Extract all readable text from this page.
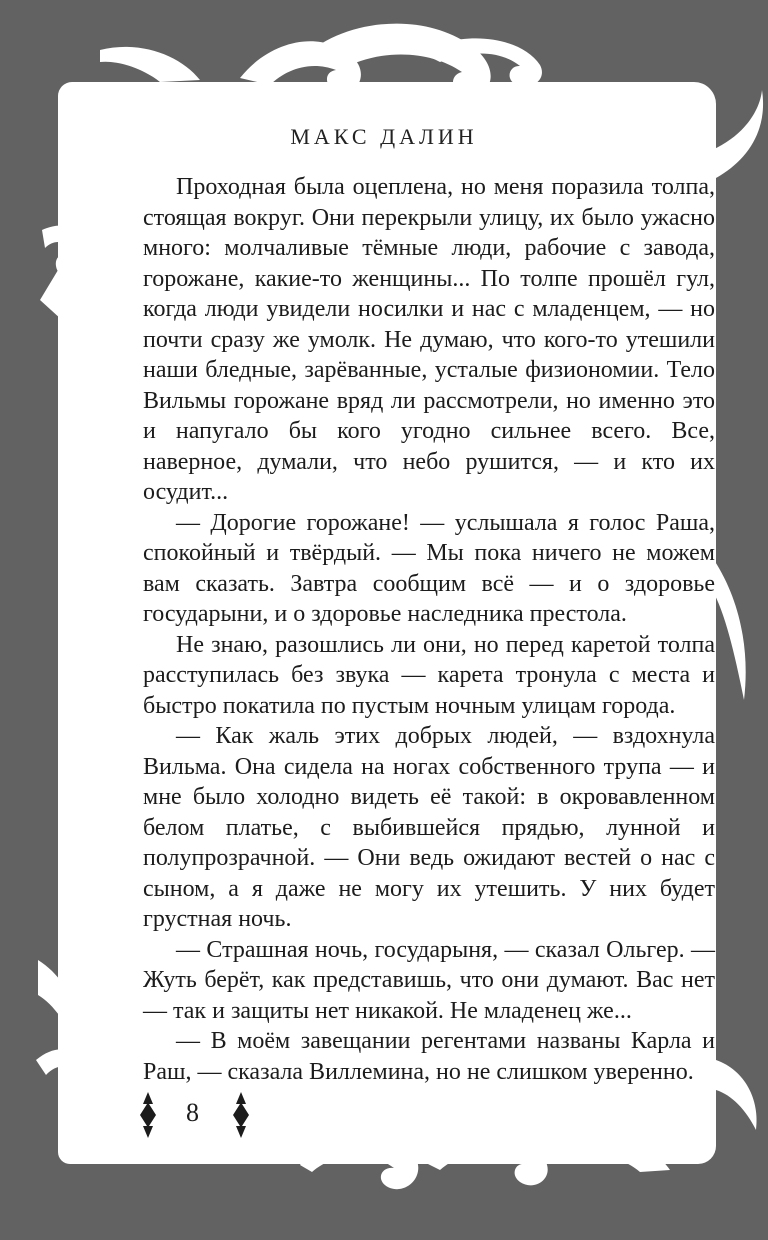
МАКС ДАЛИН

Проходная была оцеплена, но меня поразила толпа, стоящая вокруг. Они перекрыли улицу, их было ужасно много: молчаливые тёмные люди, рабочие с завода, горожане, какие-то женщины... По толпе прошёл гул, когда люди увидели носилки и нас с младенцем, — но почти сразу же умолк. Не думаю, что кого-то утешили наши бледные, зарёванные, усталые физиономии. Тело Вильмы горожане вряд ли рассмотрели, но именно это и напугало бы кого угодно сильнее всего. Все, наверное, думали, что небо рушится, — и кто их осудит...

— Дорогие горожане! — услышала я голос Раша, спокойный и твёрдый. — Мы пока ничего не можем вам сказать. Завтра сообщим всё — и о здоровье государыни, и о здоровье наследника престола.

Не знаю, разошлись ли они, но перед каретой толпа расступилась без звука — карета тронула с места и быстро покатила по пустым ночным улицам города.

— Как жаль этих добрых людей, — вздохнула Вильма. Она сидела на ногах собственного трупа — и мне было холодно видеть её такой: в окровавленном белом платье, с выбившейся прядью, лунной и полупрозрачной. — Они ведь ожидают вестей о нас с сыном, а я даже не могу их утешить. У них будет грустная ночь.

— Страшная ночь, государыня, — сказал Ольгер. — Жуть берёт, как представишь, что они думают. Вас нет — так и защиты нет никакой. Не младенец же...

— В моём завещании регентами названы Карла и Раш, — сказала Виллемина, но не слишком уверенно.

8
